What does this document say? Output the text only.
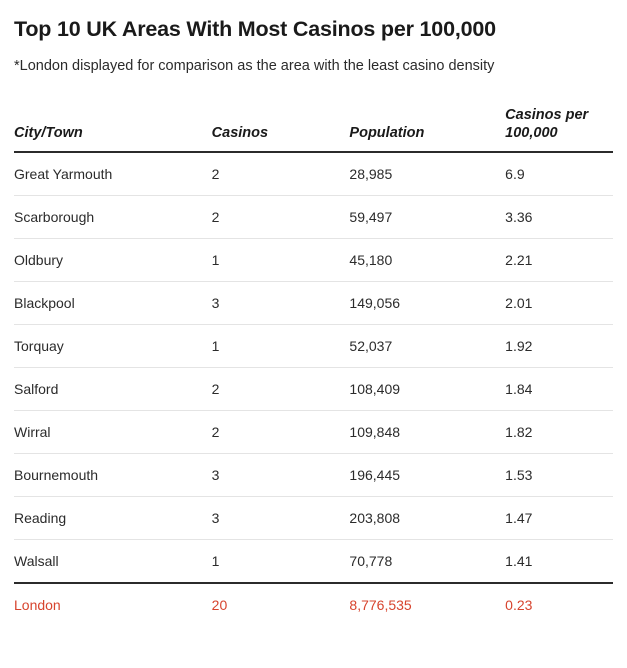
Top 10 UK Areas With Most Casinos per 100,000

*London displayed for comparison as the area with the least casino density

City/Town	Casinos	Population	Casinos per
100,000

Great Yarmouth	2	28,985	6.9
Scarborough	2	59,497	3.36
Oldbury	1	45,180	2.21
Blackpool	3	149,056	2.01
Torquay	1	52,037	1.92
Salford	2	108,409	1.84
Wirral	2	109,848	1.82
Bournemouth	3	196,445	1.53
Reading	3	203,808	1.47
Walsall	1	70,778	1.41
London	20	8,776,535	0.23
